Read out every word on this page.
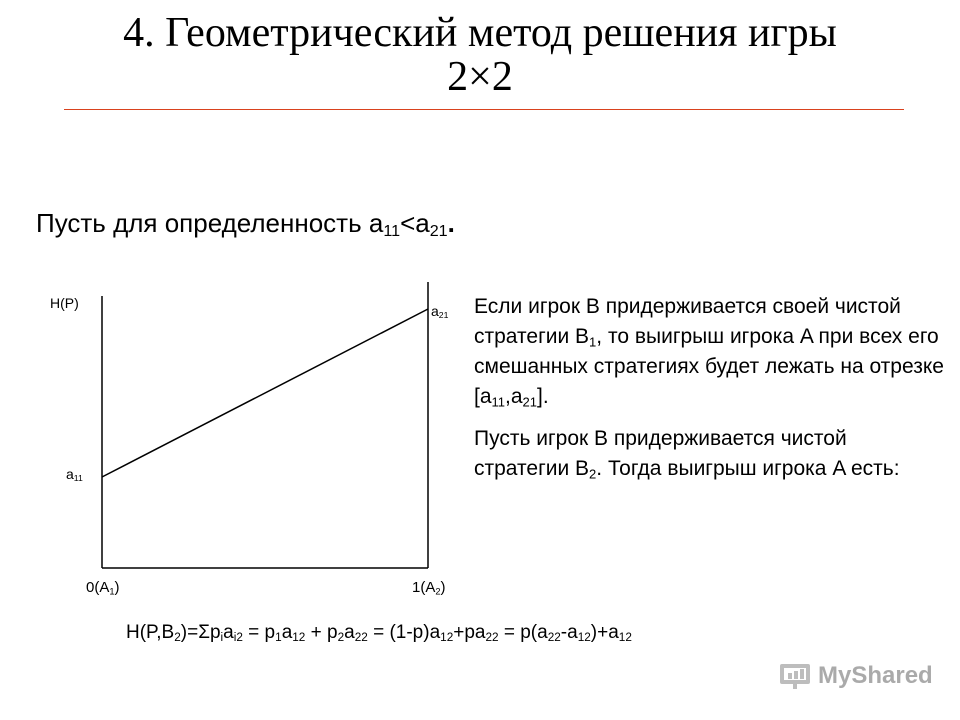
4. Геометрический метод решения игры
2×2
Пусть для определенность $a_{11}<a_{21}$.
H(P)
$a_{11}$
$a_{21}$
$0(A_1)$	$1(A_2)$

Если игрок B придерживается своей чистой стратегии $B_1$, то выигрыш игрока A при всех его смешанных стратегиях будет лежать на отрезке $[a_{11},a_{21}]$.

Пусть игрок B придерживается чистой стратегии $B_2$. Тогда выигрыш игрока A есть:

$H(P,B_2)=\Sigma p_ia_{i2} = p_1a_{12} + p_2a_{22} = (1-p)a_{12}+pa_{22} = p(a_{22}-a_{12})+a_{12}$
MyShared
